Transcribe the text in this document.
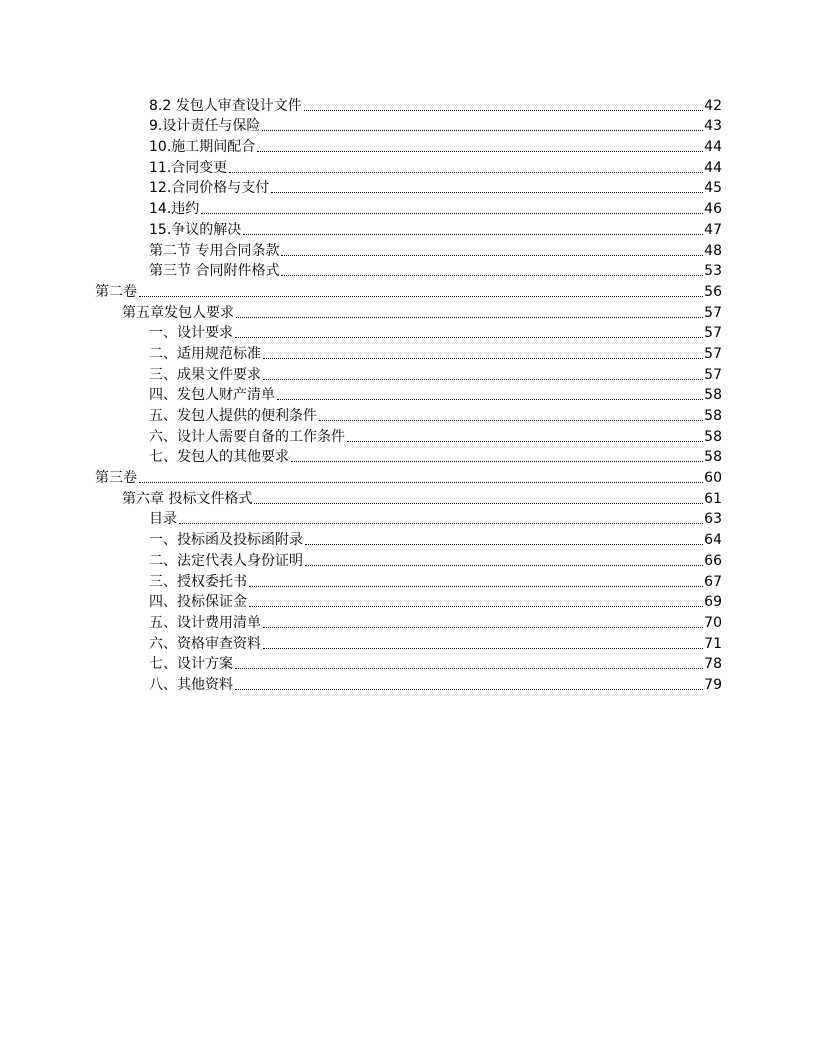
8.2 发包人审查设计文件	42
9.设计责任与保险	43
10.施工期间配合	44
11.合同变更	44
12.合同价格与支付	45
14.违约	46
15.争议的解决	47
第二节 专用合同条款	48
第三节 合同附件格式	53
第二卷	56
第五章发包人要求	57
一、设计要求	57
二、适用规范标准	57
三、成果文件要求	57
四、发包人财产清单	58
五、发包人提供的便利条件	58
六、设计人需要自备的工作条件	58
七、发包人的其他要求	58
第三卷	60
第六章 投标文件格式	61
目录	63
一、投标函及投标函附录	64
二、法定代表人身份证明	66
三、授权委托书	67
四、投标保证金	69
五、设计费用清单	70
六、资格审查资料	71
七、设计方案	78
八、其他资料	79
